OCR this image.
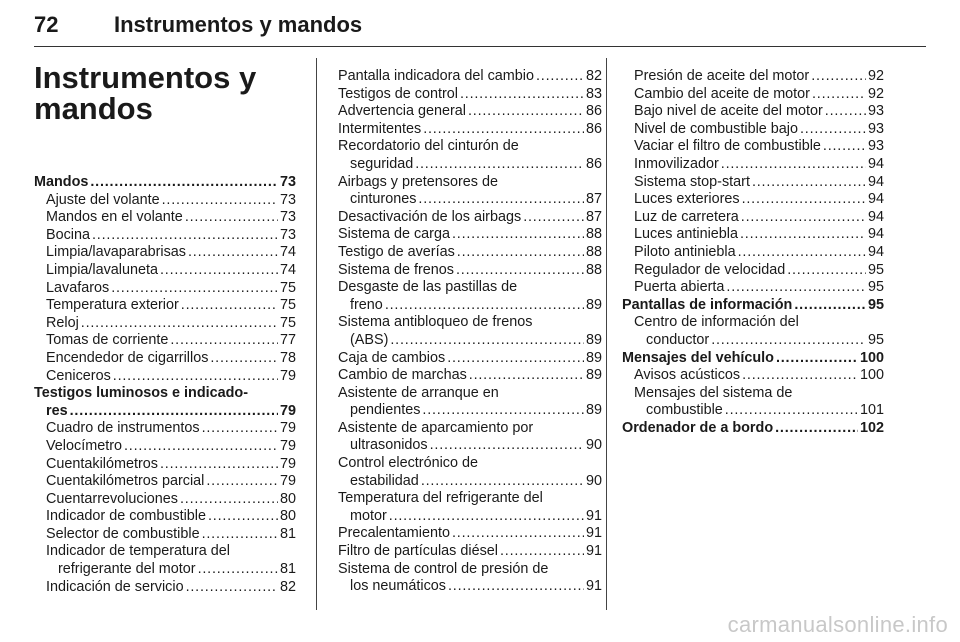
72	Instrumentos y mandos
Instrumentos y mandos
Mandos . . .	73
Ajuste del volante . . .	73
Mandos en el volante . . .	73
Bocina . . .	73
Limpia/lavaparabrisas . . .	74
Limpia/lavaluneta . . .	74
Lavafaros . . .	75
Temperatura exterior . . .	75
Reloj . . .	75
Tomas de corriente . . .	77
Encendedor de cigarrillos . . .	78
Ceniceros . . .	79
Testigos luminosos e indicado-
res . . .	79
Cuadro de instrumentos . . .	79
Velocímetro . . .	79
Cuentakilómetros . . .	79
Cuentakilómetros parcial . . .	79
Cuentarrevoluciones . . .	80
Indicador de combustible . . .	80
Selector de combustible . . .	81
Indicador de temperatura del
refrigerante del motor . . .	81
Indicación de servicio . . .	82
Pantalla indicadora del cambio . . .	82
Testigos de control . . .	83
Advertencia general . . .	86
Intermitentes . . .	86
Recordatorio del cinturón de
seguridad . . .	86
Airbags y pretensores de
cinturones . . .	87
Desactivación de los airbags . . .	87
Sistema de carga . . .	88
Testigo de averías . . .	88
Sistema de frenos . . .	88
Desgaste de las pastillas de
freno . . .	89
Sistema antibloqueo de frenos
(ABS) . . .	89
Caja de cambios . . .	89
Cambio de marchas . . .	89
Asistente de arranque en
pendientes . . .	89
Asistente de aparcamiento por
ultrasonidos . . .	90
Control electrónico de
estabilidad . . .	90
Temperatura del refrigerante del
motor . . .	91
Precalentamiento . . .	91
Filtro de partículas diésel . . .	91
Sistema de control de presión de
los neumáticos . . .	91
Presión de aceite del motor . . .	92
Cambio del aceite de motor . . .	92
Bajo nivel de aceite del motor . . .	93
Nivel de combustible bajo . . .	93
Vaciar el filtro de combustible . . .	93
Inmovilizador . . .	94
Sistema stop-start . . .	94
Luces exteriores . . .	94
Luz de carretera . . .	94
Luces antiniebla . . .	94
Piloto antiniebla . . .	94
Regulador de velocidad . . .	95
Puerta abierta . . .	95
Pantallas de información . . .	95
Centro de información del
conductor . . .	95
Mensajes del vehículo . . .	100
Avisos acústicos . . .	100
Mensajes del sistema de
combustible . . .	101
Ordenador de a bordo . . .	102
carmanualsonline.info
